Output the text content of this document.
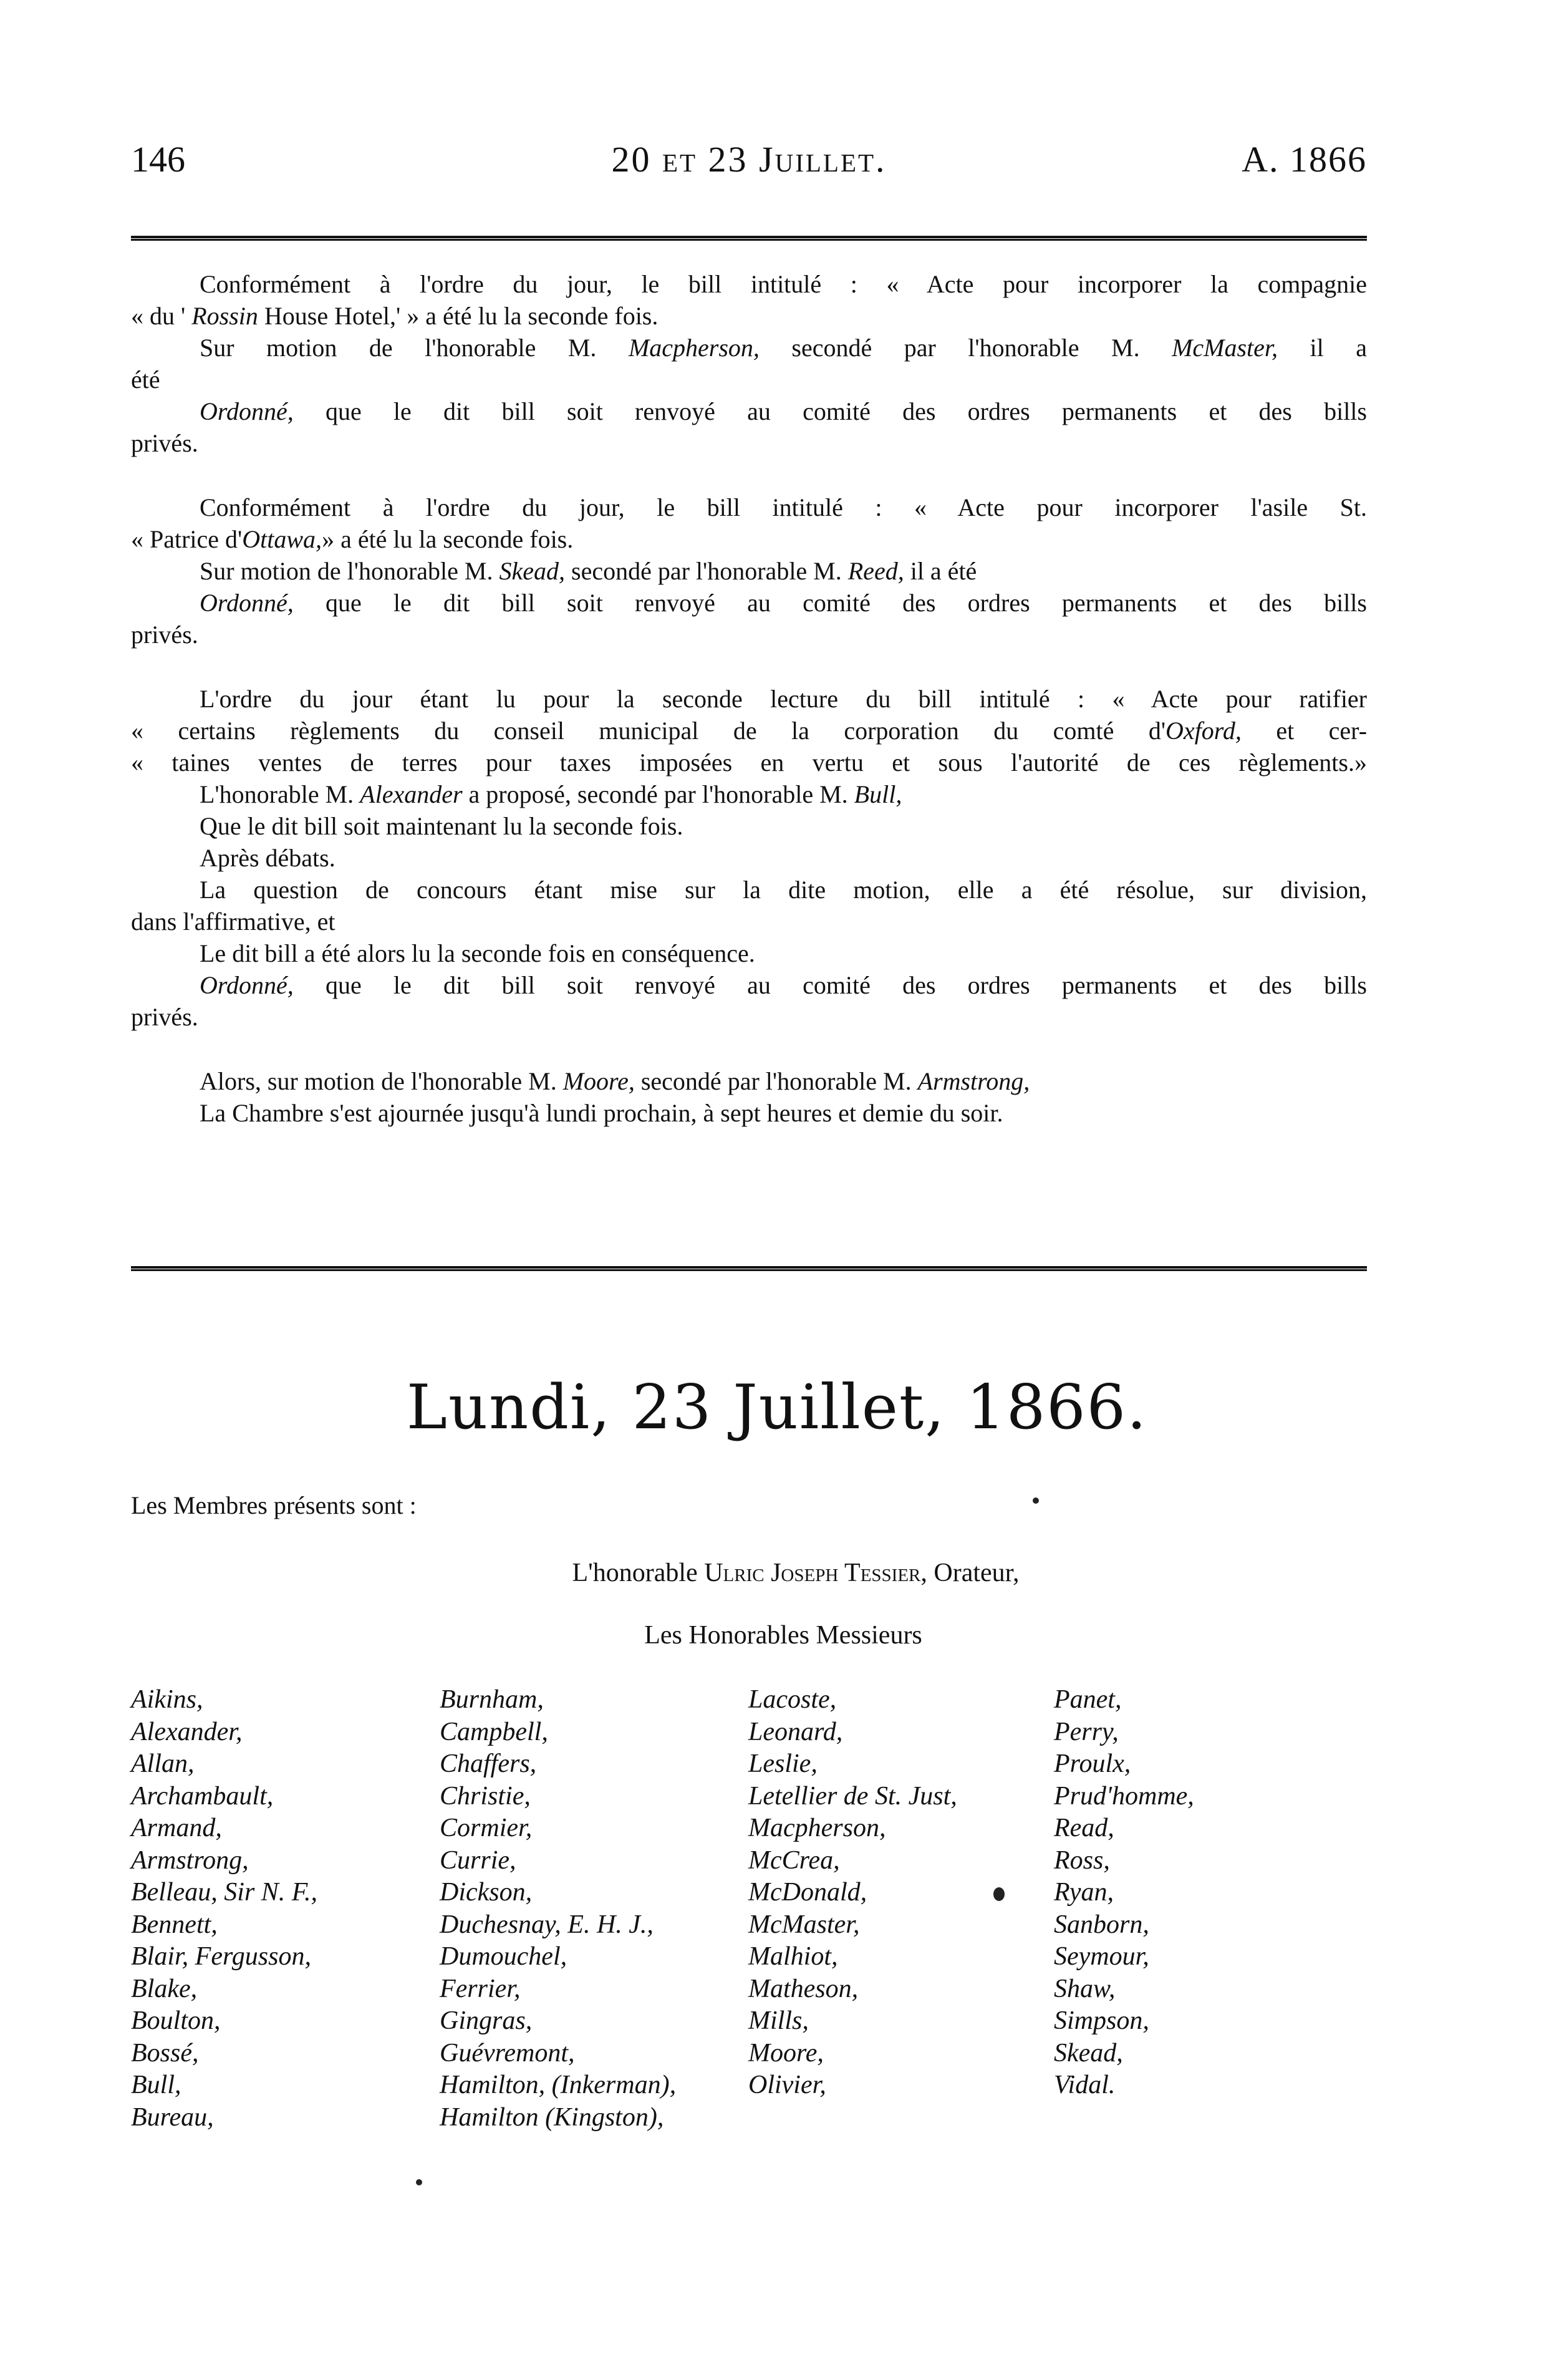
146	20 et 23 Juillet.	A. 1866
Conformément à l'ordre du jour, le bill intitulé : « Acte pour incorporer la compagnie
« du ' Rossin House Hotel,' » a été lu la seconde fois.
Sur motion de l'honorable M. Macpherson, secondé par l'honorable M. McMaster, il a
été
Ordonné, que le dit bill soit renvoyé au comité des ordres permanents et des bills
privés.
Conformément à l'ordre du jour, le bill intitulé : « Acte pour incorporer l'asile St.
« Patrice d'Ottawa,» a été lu la seconde fois.
Sur motion de l'honorable M. Skead, secondé par l'honorable M. Reed, il a été
Ordonné, que le dit bill soit renvoyé au comité des ordres permanents et des bills
privés.
L'ordre du jour étant lu pour la seconde lecture du bill intitulé : « Acte pour ratifier
« certains règlements du conseil municipal de la corporation du comté d'Oxford, et cer-
« taines ventes de terres pour taxes imposées en vertu et sous l'autorité de ces règlements.»
L'honorable M. Alexander a proposé, secondé par l'honorable M. Bull,
Que le dit bill soit maintenant lu la seconde fois.
Après débats.
La question de concours étant mise sur la dite motion, elle a été résolue, sur division,
dans l'affirmative, et
Le dit bill a été alors lu la seconde fois en conséquence.
Ordonné, que le dit bill soit renvoyé au comité des ordres permanents et des bills
privés.
Alors, sur motion de l'honorable M. Moore, secondé par l'honorable M. Armstrong,
La Chambre s'est ajournée jusqu'à lundi prochain, à sept heures et demie du soir.
Lundi, 23 Juillet, 1866.
Les Membres présents sont :
L'honorable Ulric Joseph Tessier, Orateur,
Les Honorables Messieurs
Aikins,
Alexander,
Allan,
Archambault,
Armand,
Armstrong,
Belleau, Sir N. F.,
Bennett,
Blair, Fergusson,
Blake,
Boulton,
Bossé,
Bull,
Bureau,
Burnham,
Campbell,
Chaffers,
Christie,
Cormier,
Currie,
Dickson,
Duchesnay, E. H. J.,
Dumouchel,
Ferrier,
Gingras,
Guévremont,
Hamilton, (Inkerman),
Hamilton (Kingston),
Lacoste,
Leonard,
Leslie,
Letellier de St. Just,
Macpherson,
McCrea,
McDonald,
McMaster,
Malhiot,
Matheson,
Mills,
Moore,
Olivier,
Panet,
Perry,
Proulx,
Prud'homme,
Read,
Ross,
Ryan,
Sanborn,
Seymour,
Shaw,
Simpson,
Skead,
Vidal.
